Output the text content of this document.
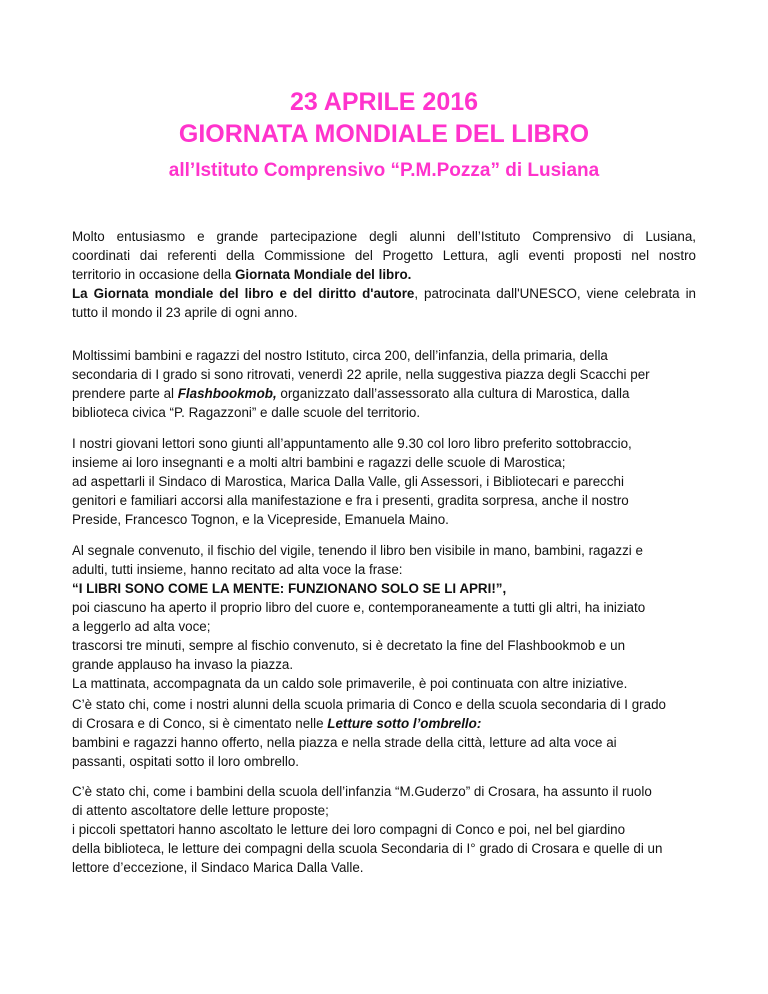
23 APRILE 2016
GIORNATA MONDIALE DEL LIBRO
all’Istituto Comprensivo “P.M.Pozza” di Lusiana
Molto entusiasmo e grande partecipazione degli alunni dell’Istituto Comprensivo di Lusiana,
coordinati dai referenti della Commissione del Progetto Lettura, agli eventi proposti nel nostro
territorio in occasione della Giornata Mondiale del libro.
La Giornata mondiale del libro e del diritto d'autore, patrocinata dall'UNESCO, viene celebrata in
tutto il mondo il 23 aprile di ogni anno.
Moltissimi bambini e ragazzi del nostro Istituto, circa 200, dell’infanzia, della primaria, della
secondaria di I grado si sono ritrovati, venerdì 22 aprile, nella suggestiva piazza degli Scacchi per
prendere parte al Flashbookmob, organizzato dall’assessorato alla cultura di Marostica, dalla
biblioteca civica “P. Ragazzoni” e dalle scuole del territorio.
I nostri giovani lettori sono giunti all’appuntamento alle 9.30 col loro libro preferito sottobraccio,
insieme ai loro insegnanti e a molti altri bambini e ragazzi delle scuole di Marostica;
ad aspettarli il Sindaco di Marostica, Marica Dalla Valle, gli Assessori, i Bibliotecari e parecchi
genitori e familiari accorsi alla manifestazione e fra i presenti, gradita sorpresa, anche il nostro
Preside, Francesco Tognon, e la Vicepreside, Emanuela Maino.
Al segnale convenuto, il fischio del vigile, tenendo il libro ben visibile in mano, bambini, ragazzi e
adulti, tutti insieme, hanno recitato ad alta voce la frase:
“I LIBRI SONO COME LA MENTE: FUNZIONANO SOLO SE LI APRI!”,
poi ciascuno ha aperto il proprio libro del cuore e, contemporaneamente a tutti gli altri, ha iniziato
a leggerlo ad alta voce;
trascorsi tre minuti, sempre al fischio convenuto, si è decretato la fine del Flashbookmob e un
grande applauso ha invaso la piazza.
La mattinata, accompagnata da un caldo sole primaverile, è poi continuata con altre iniziative.
C’è stato chi, come i nostri alunni della scuola primaria di Conco e della scuola secondaria di I grado
di Crosara e di Conco, si è cimentato nelle Letture sotto l’ombrello:
bambini e ragazzi hanno offerto, nella piazza e nella strade della città, letture ad alta voce ai
passanti, ospitati sotto il loro ombrello.
C’è stato chi, come i bambini della scuola dell’infanzia “M.Guderzo” di Crosara, ha assunto il ruolo
di attento ascoltatore delle letture proposte;
i piccoli spettatori hanno ascoltato le letture dei loro compagni di Conco e poi, nel bel giardino
della biblioteca, le letture dei compagni della scuola Secondaria di I° grado di Crosara e quelle di un
lettore d’eccezione, il Sindaco Marica Dalla Valle.
